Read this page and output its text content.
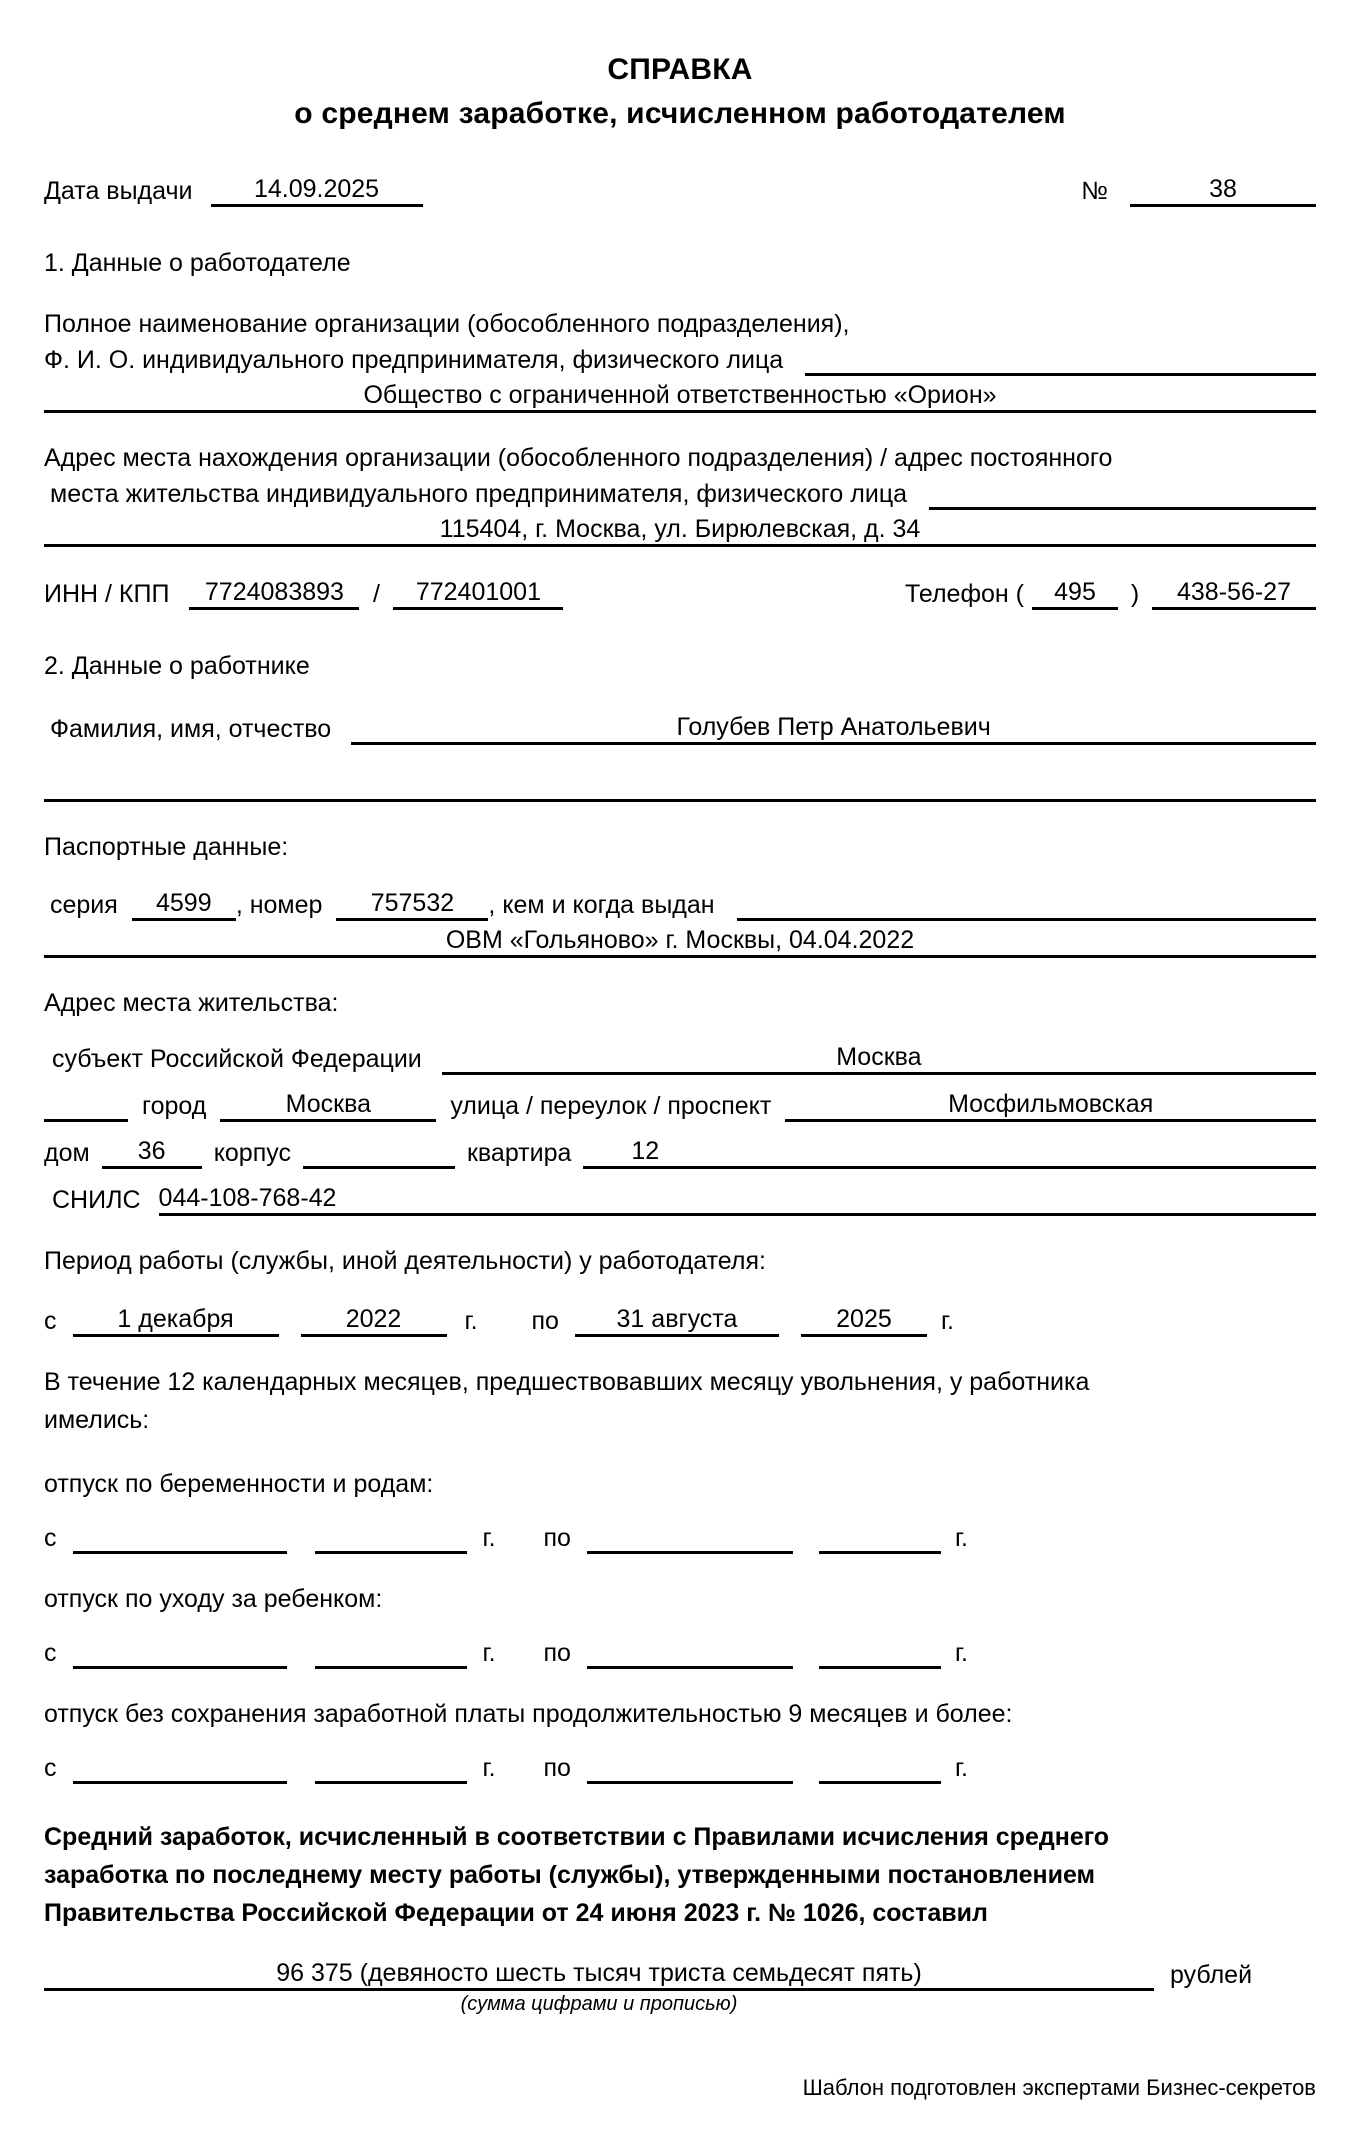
СПРАВКА
о среднем заработке, исчисленном работодателем
Дата выдачи	14.09.2025	№	38
1. Данные о работодателе
Полное наименование организации (обособленного подразделения),
Ф. И. О. индивидуального предпринимателя, физического лица
Общество с ограниченной ответственностью «Орион»
Адрес места нахождения организации (обособленного подразделения) / адрес постоянного
места жительства индивидуального предпринимателя, физического лица
115404, г. Москва, ул. Бирюлевская, д. 34
ИНН / КПП	7724083893	/	772401001	Телефон (	495	)	438-56-27
2. Данные о работнике
Фамилия, имя, отчество	Голубев Петр Анатольевич
Паспортные данные:
серия	4599 , номер	757532	, кем и когда выдан
ОВМ «Гольяново» г. Москвы, 04.04.2022
Адрес места жительства:
субъект Российской Федерации	Москва
город	Москва	улица / переулок / проспект	Мосфильмовская
дом	36	корпус	квартира	12
СНИЛС 044-108-768-42
Период работы (службы, иной деятельности) у работодателя:
с	1 декабря	2022	г. по	31 августа	2025	г.
В течение 12 календарных месяцев, предшествовавших месяцу увольнения, у работника
имелись:
отпуск по беременности и родам:
с	г. по	г.
отпуск по уходу за ребенком:
с	г. по	г.
отпуск без сохранения заработной платы продолжительностью 9 месяцев и более:
с	г. по	г.
Средний заработок, исчисленный в соответствии с Правилами исчисления среднего
заработка по последнему месту работы (службы), утвержденными постановлением
Правительства Российской Федерации от 24 июня 2023 г. № 1026, составил
96 375 (девяносто шесть тысяч триста семьдесят пять)	рублей
(сумма цифрами и прописью)
Шаблон подготовлен экспертами Бизнес-секретов
